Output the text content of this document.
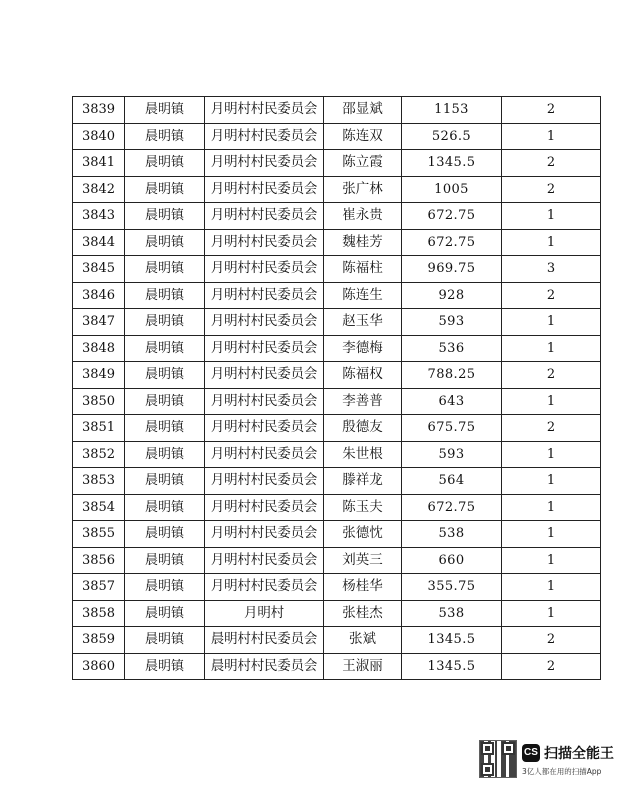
3839	晨明镇	月明村村民委员会	邵显斌	1153	2
3840	晨明镇	月明村村民委员会	陈连双	526.5	1
3841	晨明镇	月明村村民委员会	陈立霞	1345.5	2
3842	晨明镇	月明村村民委员会	张广林	1005	2
3843	晨明镇	月明村村民委员会	崔永贵	672.75	1
3844	晨明镇	月明村村民委员会	魏桂芳	672.75	1
3845	晨明镇	月明村村民委员会	陈福柱	969.75	3
3846	晨明镇	月明村村民委员会	陈连生	928	2
3847	晨明镇	月明村村民委员会	赵玉华	593	1
3848	晨明镇	月明村村民委员会	李德梅	536	1
3849	晨明镇	月明村村民委员会	陈福权	788.25	2
3850	晨明镇	月明村村民委员会	李善普	643	1
3851	晨明镇	月明村村民委员会	殷德友	675.75	2
3852	晨明镇	月明村村民委员会	朱世根	593	1
3853	晨明镇	月明村村民委员会	滕祥龙	564	1
3854	晨明镇	月明村村民委员会	陈玉夫	672.75	1
3855	晨明镇	月明村村民委员会	张德忱	538	1
3856	晨明镇	月明村村民委员会	刘英三	660	1
3857	晨明镇	月明村村民委员会	杨桂华	355.75	1
3858	晨明镇	月明村	张桂杰	538	1
3859	晨明镇	晨明村村民委员会	张斌	1345.5	2
3860	晨明镇	晨明村村民委员会	王淑丽	1345.5	2
CS 扫描全能王
3亿人都在用的扫描App
